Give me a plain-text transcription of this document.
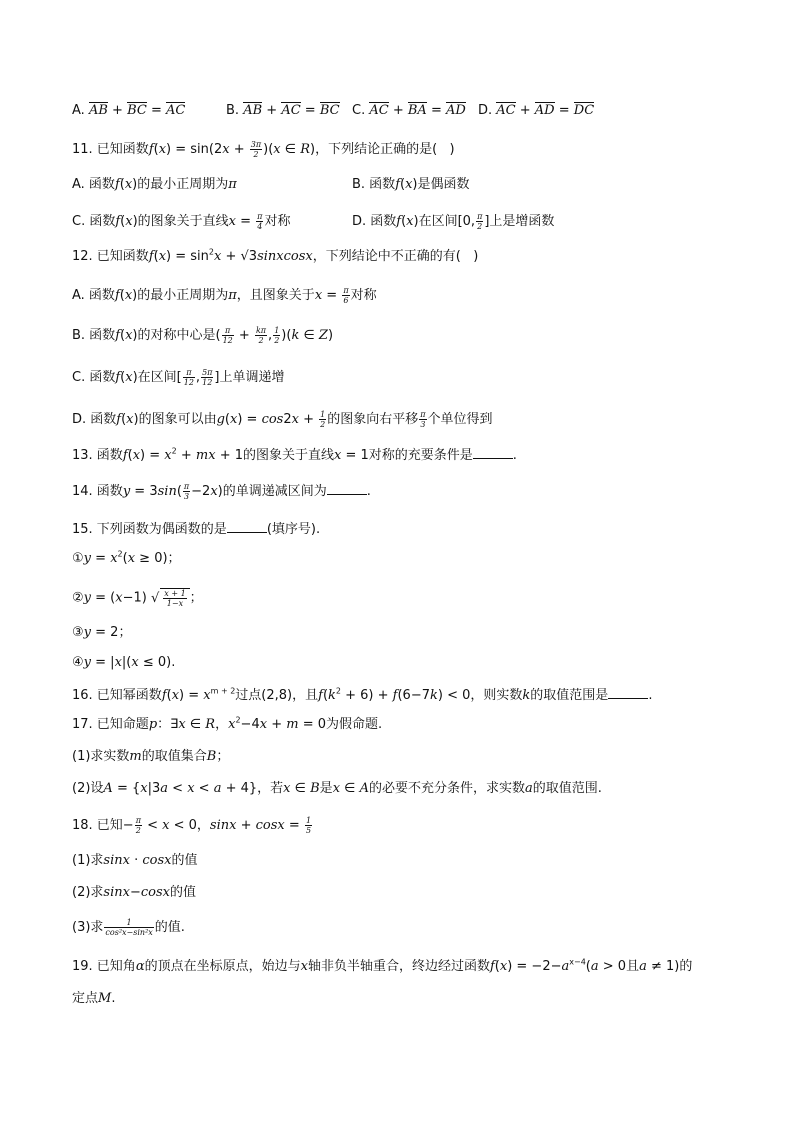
A. AB + BC = AC	B. AB + AC = BC C. AC + BA = AD D. AC + AD = DC
11. 已知函数$f(x) = \sin(2x + \frac{3\pi}{2} )(x$ ∈ R)，下列结论正确的是(   )
A. 函数f(x)的最小正周期为π	B. 函数f(x)是偶函数
C. 函数f(x)的图象关于直线$x = \frac{\pi}{4}$ 对称	D. 函数f(x)在区间[0, $\frac{\pi}{2}$ ]上是增函数
12. 已知函数$f(x) = \sin^2x$ + √3sinxcosx，下列结论中不正确的有(   )
A. 函数f(x)的最小正周期为π，且图象关于$x = \frac{\pi}{6}$ 对称
B. 函数f(x)的对称中心是( $\frac{\pi}{12} + \frac{k\pi}{2}$ , $\frac{1}{2} )(k$ ∈ Z)
C. 函数f(x)在区间[ $\frac{\pi}{12}$ , $\frac{5\pi}{12}$ ]上单调递增
D. 函数f(x)的图象可以由$g(x) = \cos 2x + \frac{1}{2}$ 的图象向右平移 $\frac{\pi}{3}$ 个单位得到
13. 函数$f(x) = x^2$ + mx + 1的图象关于直线x = 1对称的充要条件是	.
14. 函数$y = 3\sin( \frac{\pi}{3} -2x)$的单调递减区间为	.
15. 下列函数为偶函数的是	(填序号).
①y = $x^2(x \ge 0)$；
②y = (x−1) √ $\frac{x + 1}{1-x}$ ；
③y = 2；
④y = |x|(x ≤ 0).
16. 已知幂函数$f(x) = x^{m + 2}$过点(2,8)，且$f(k^2 + 6) + f(6-7k) < 0$，则实数k的取值范围是	.
17. 已知命题p：∃x ∈ R，$x^2-4x + m = 0$为假命题.
(1)求实数m的取值集合B；
(2)设A = {x|3a < x < a + 4}，若x ∈ B是x ∈ A的必要不充分条件，求实数a的取值范围.
18. 已知− $\frac{\pi}{2} < x < 0$，$\sin x + \cos x = \frac{1}{5}$
(1)求sinx · cosx的值
(2)求sinx−cosx的值
(3)求 $\frac{1}{\text{cos²x−sin²x}}$ 的值.
19. 已知角α的顶点在坐标原点，始边与x轴非负半轴重合，终边经过函数$f(x) = -2-a^{x-4}(a > 0$且a ≠ 1)的
定点M.
